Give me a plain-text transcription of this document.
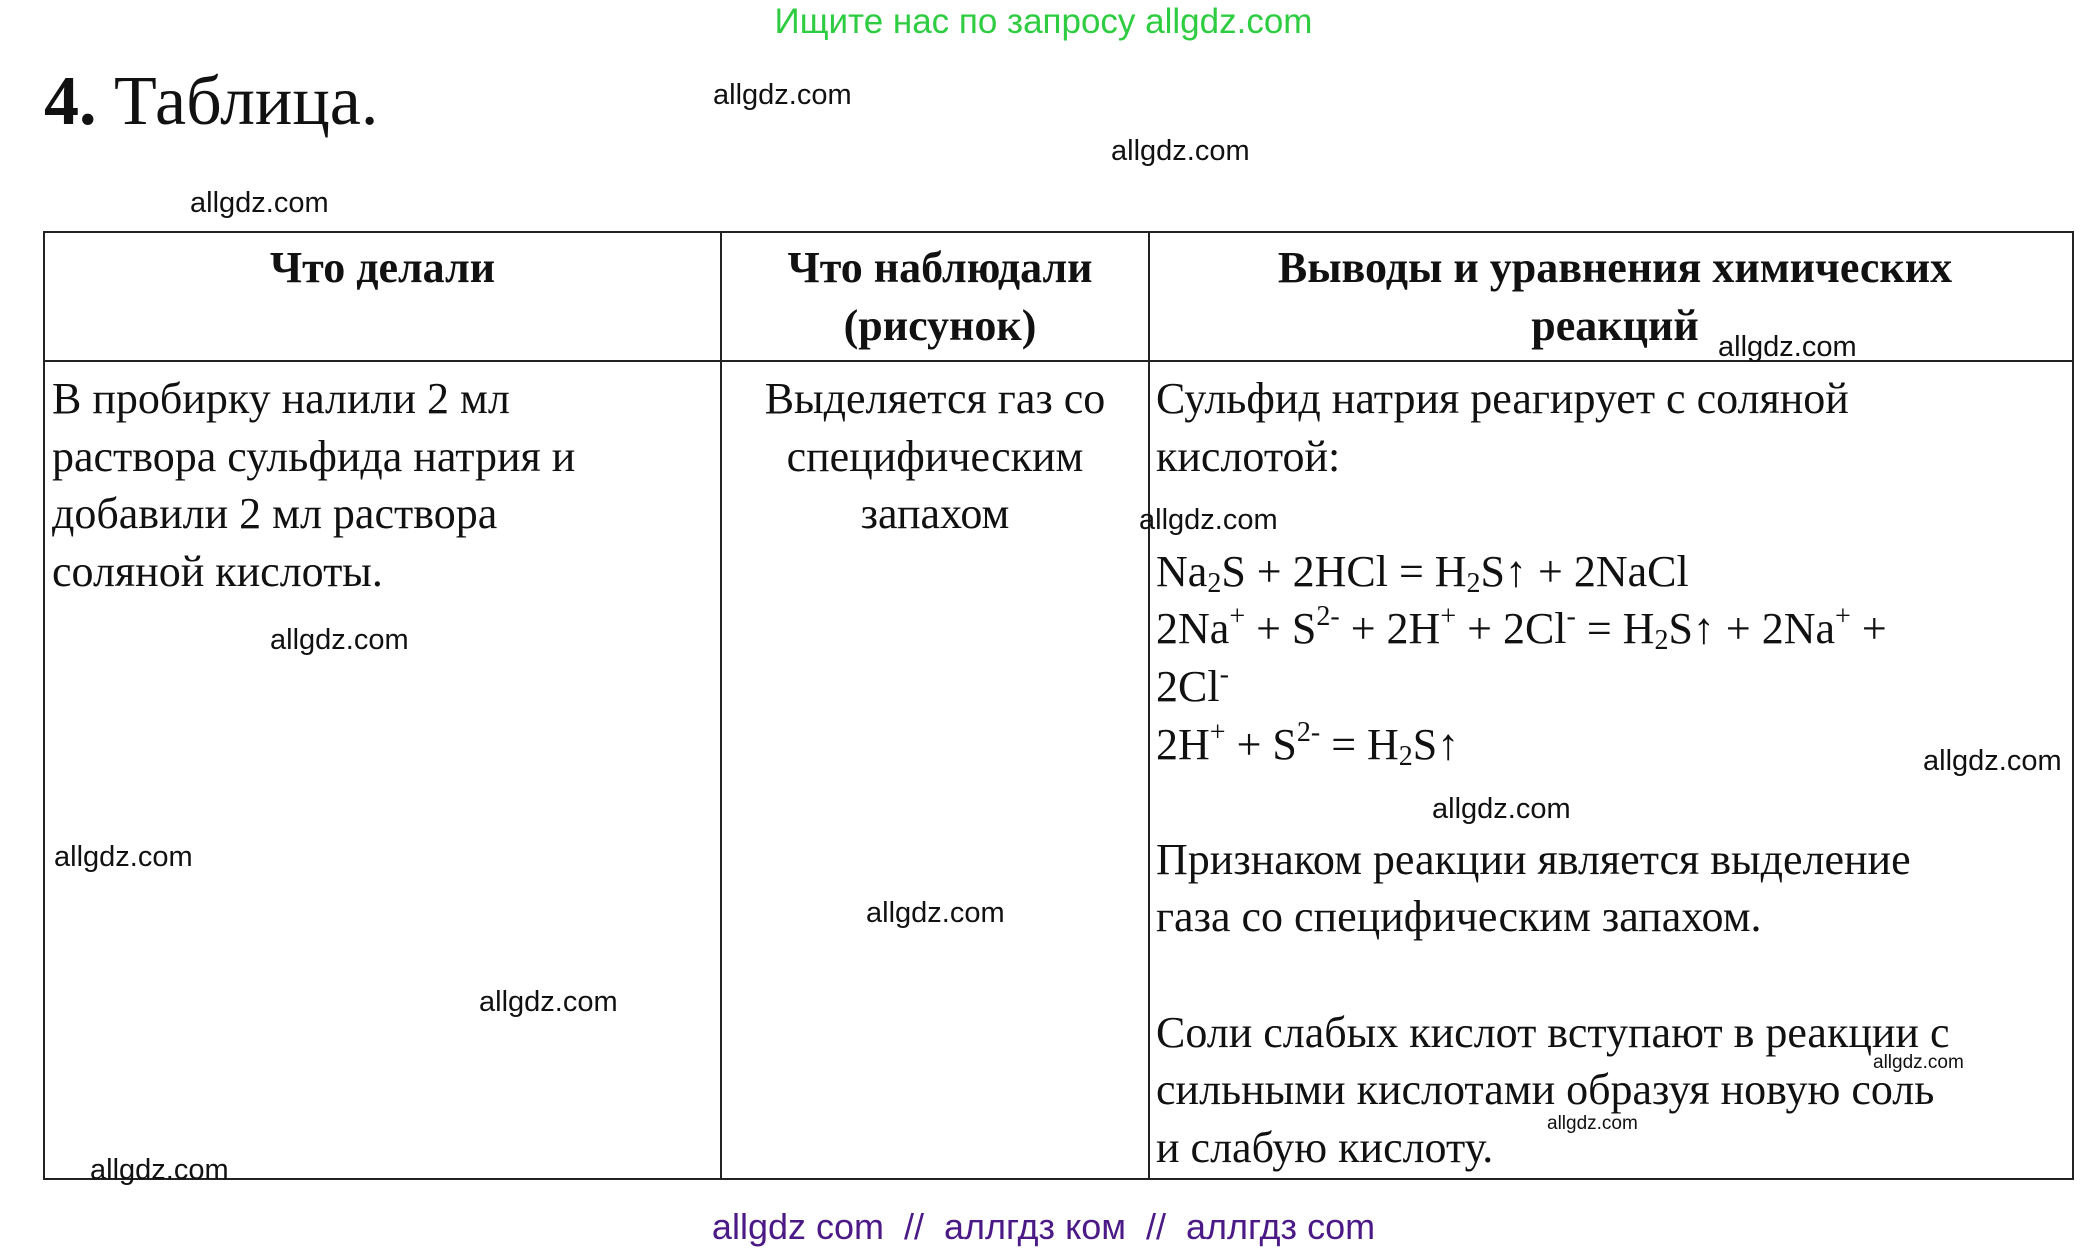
Ищите нас по запросу allgdz.com
4. Таблица.
Что делали	Что наблюдали (рисунок)
Выводы и уравнения химических реакций
В пробирку налили 2 мл
раствора сульфида натрия и
добавили 2 мл раствора
соляной кислоты.
Выделяется газ со
специфическим
запахом
Сульфид натрия реагирует с соляной
кислотой:
$Na_2S + 2HCl$ = $H_2S↑$ + 2NaCl
$2Na^+ + S^{2-} + 2H^+ + 2Cl^-$ = $H_2S↑ + 2Na^+$ +
2Cl-
$2H^+ + S^{2-}$ = $H_2S↑$
Признаком реакции является выделение
газа со специфическим запахом.
Соли слабых кислот вступают в реакции с
сильными кислотами образуя новую соль
и слабую кислоту.
allgdz.com
allgdz.com
allgdz.com
allgdz.com
allgdz.com
allgdz.com
allgdz.com
allgdz.com
allgdz.com
allgdz.com
allgdz.com
allgdz.com
allgdz.com
allgdz.com
allgdz com  //  аллгдз ком  //  аллгдз com
